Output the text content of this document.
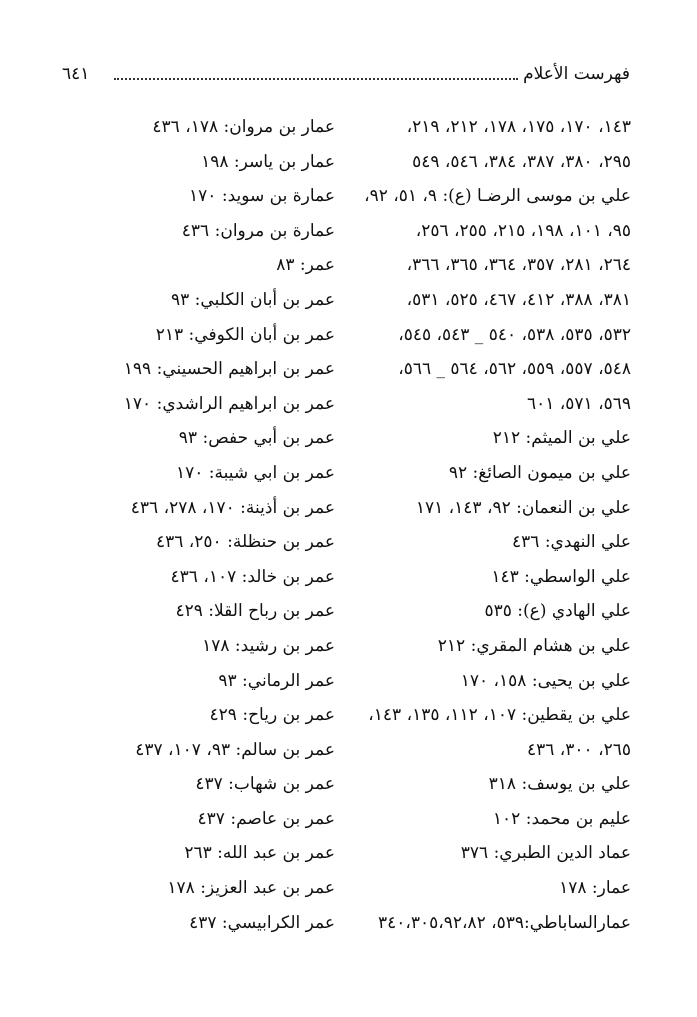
فهرست الأعلام
٦٤١
١٤٣، ١٧٠، ١٧٥، ١٧٨، ٢١٢، ٢١٩،
٢٩٥، ٣٨٠، ٣٨٧، ٣٨٤، ٥٤٦، ٥٤٩
علي بن موسى الرضـا (ع): ٩، ٥١، ٩٢،
٩٥، ١٠١، ١٩٨، ٢١٥، ٢٥٥، ٢٥٦،
٢٦٤، ٢٨١، ٣٥٧، ٣٦٤، ٣٦٥، ٣٦٦،
٣٨١، ٣٨٨، ٤١٢، ٤٦٧، ٥٢٥، ٥٣١،
٥٣٢، ٥٣٥، ٥٣٨، ٥٤٠ _ ٥٤٣، ٥٤٥،
٥٤٨، ٥٥٧، ٥٥٩، ٥٦٢، ٥٦٤ _ ٥٦٦،
٥٦٩، ٥٧١، ٦٠١
علي بن الميثم: ٢١٢
علي بن ميمون الصائغ: ٩٢
علي بن النعمان: ٩٢، ١٤٣، ١٧١
علي النهدي: ٤٣٦
علي الواسطي: ١٤٣
علي الهادي (ع): ٥٣٥
علي بن هشام المقري: ٢١٢
علي بن يحيى: ١٥٨، ١٧٠
علي بن يقطين: ١٠٧، ١١٢، ١٣٥، ١٤٣،
٢٦٥، ٣٠٠، ٤٣٦
علي بن يوسف: ٣١٨
عليم بن محمد: ١٠٢
عماد الدين الطبري: ٣٧٦
عمار: ١٧٨
عمارالساباطي:٥٣٩، ٣٤٠،٣٠٥،٩٢،٨٢
عمار بن مروان: ١٧٨، ٤٣٦
عمار بن ياسر: ١٩٨
عمارة بن سويد: ١٧٠
عمارة بن مروان: ٤٣٦
عمر: ٨٣
عمر بن أبان الكلبي: ٩٣
عمر بن أبان الكوفي: ٢١٣
عمر بن ابراهيم الحسيني: ١٩٩
عمر بن ابراهيم الراشدي: ١٧٠
عمر بن أبي حفص: ٩٣
عمر بن ابي شيبة: ١٧٠
عمر بن أذينة: ١٧٠، ٢٧٨، ٤٣٦
عمر بن حنظلة: ٢٥٠، ٤٣٦
عمر بن خالد: ١٠٧، ٤٣٦
عمر بن رباح القلا: ٤٢٩
عمر بن رشيد: ١٧٨
عمر الرماني: ٩٣
عمر بن رياح: ٤٢٩
عمر بن سالم: ٩٣، ١٠٧، ٤٣٧
عمر بن شهاب: ٤٣٧
عمر بن عاصم: ٤٣٧
عمر بن عبد الله: ٢٦٣
عمر بن عبد العزيز: ١٧٨
عمر الكرابيسي: ٤٣٧
